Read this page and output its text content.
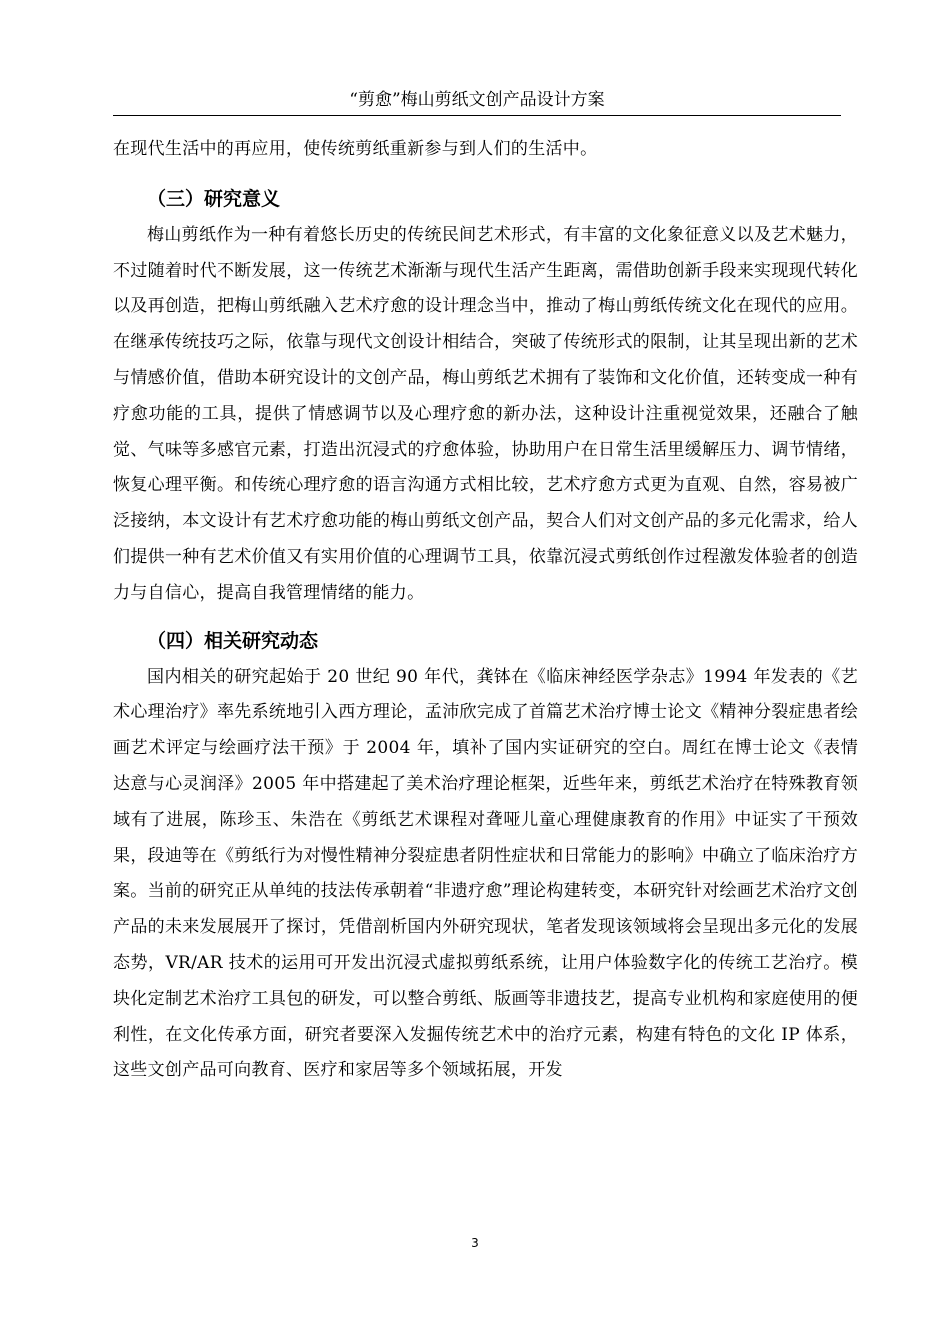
“剪愈”梅山剪纸文创产品设计方案

在现代生活中的再应用，使传统剪纸重新参与到人们的生活中。

（三）研究意义

梅山剪纸作为一种有着悠长历史的传统民间艺术形式，有丰富的文化象征意义以及艺术魅力，不过随着时代不断发展，这一传统艺术渐渐与现代生活产生距离，需借助创新手段来实现现代转化以及再创造，把梅山剪纸融入艺术疗愈的设计理念当中，推动了梅山剪纸传统文化在现代的应用。在继承传统技巧之际，依靠与现代文创设计相结合，突破了传统形式的限制，让其呈现出新的艺术与情感价值，借助本研究设计的文创产品，梅山剪纸艺术拥有了装饰和文化价值，还转变成一种有疗愈功能的工具，提供了情感调节以及心理疗愈的新办法，这种设计注重视觉效果，还融合了触觉、气味等多感官元素，打造出沉浸式的疗愈体验，协助用户在日常生活里缓解压力、调节情绪，恢复心理平衡。和传统心理疗愈的语言沟通方式相比较，艺术疗愈方式更为直观、自然，容易被广泛接纳，本文设计有艺术疗愈功能的梅山剪纸文创产品，契合人们对文创产品的多元化需求，给人们提供一种有艺术价值又有实用价值的心理调节工具，依靠沉浸式剪纸创作过程激发体验者的创造力与自信心，提高自我管理情绪的能力。

（四）相关研究动态

国内相关的研究起始于 20 世纪 90 年代，龚钵在《临床神经医学杂志》1994 年发表的《艺术心理治疗》率先系统地引入西方理论，孟沛欣完成了首篇艺术治疗博士论文《精神分裂症患者绘画艺术评定与绘画疗法干预》于 2004 年，填补了国内实证研究的空白。周红在博士论文《表情达意与心灵润泽》2005 年中搭建起了美术治疗理论框架，近些年来，剪纸艺术治疗在特殊教育领域有了进展，陈珍玉、朱浩在《剪纸艺术课程对聋哑儿童心理健康教育的作用》中证实了干预效果，段迪等在《剪纸行为对慢性精神分裂症患者阴性症状和日常能力的影响》中确立了临床治疗方案。当前的研究正从单纯的技法传承朝着“非遗疗愈”理论构建转变，本研究针对绘画艺术治疗文创产品的未来发展展开了探讨，凭借剖析国内外研究现状，笔者发现该领域将会呈现出多元化的发展态势，VR/AR 技术的运用可开发出沉浸式虚拟剪纸系统，让用户体验数字化的传统工艺治疗。模块化定制艺术治疗工具包的研发，可以整合剪纸、版画等非遗技艺，提高专业机构和家庭使用的便利性，在文化传承方面，研究者要深入发掘传统艺术中的治疗元素，构建有特色的文化 IP 体系，这些文创产品可向教育、医疗和家居等多个领域拓展，开发

3
